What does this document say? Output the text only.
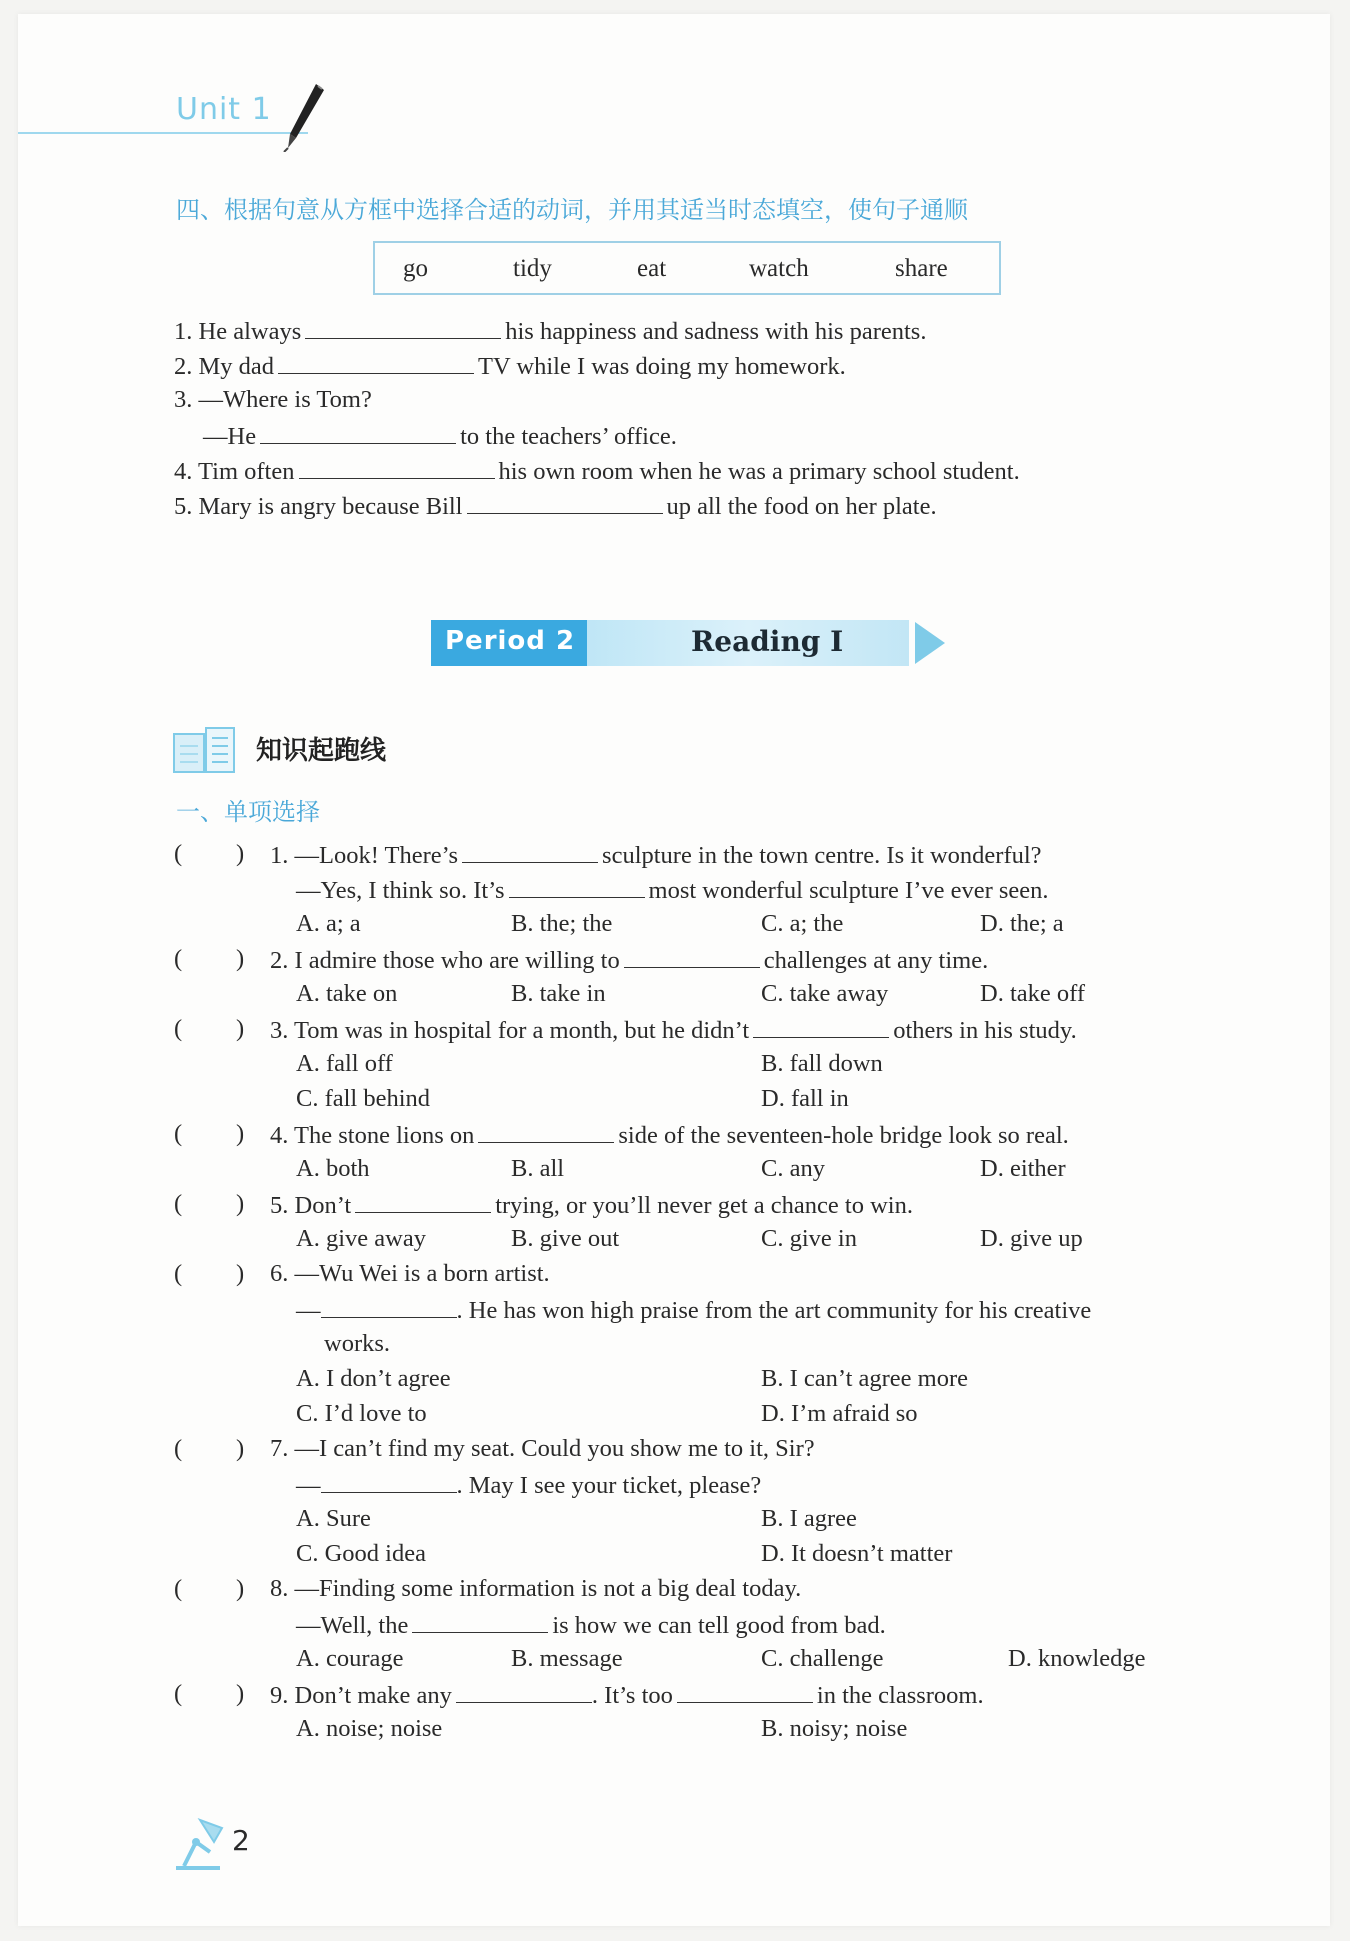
Unit 1
四、根据句意从方框中选择合适的动词，并用其适当时态填空，使句子通顺
go	tidy	eat	watch	share
1. He always	his happiness and sadness with his parents.
2. My dad	TV while I was doing my homework.
3. —Where is Tom?
—He	to the teachers’ office.
4. Tim often	his own room when he was a primary school student.
5. Mary is angry because Bill	up all the food on her plate.
Period 2	Reading I
知识起跑线
一、单项选择
( ) 1. —Look! There’s	sculpture in the town centre. Is it wonderful?
—Yes, I think so. It’s	most wonderful sculpture I’ve ever seen.
A. a; a	B. the; the	C. a; the	D. the; a
( ) 2. I admire those who are willing to	challenges at any time.
A. take on	B. take in	C. take away	D. take off
( ) 3. Tom was in hospital for a month, but he didn’t	others in his study.
A. fall off	B. fall down
C. fall behind	D. fall in
( ) 4. The stone lions on	side of the seventeen-hole bridge look so real.
A. both	B. all	C. any	D. either
( ) 5. Don’t	trying, or you’ll never get a chance to win.
A. give away	B. give out	C. give in	D. give up
( ) 6. —Wu Wei is a born artist.
—	. He has won high praise from the art community for his creative
works.
A. I don’t agree	B. I can’t agree more
C. I’d love to	D. I’m afraid so
( ) 7. —I can’t find my seat. Could you show me to it, Sir?
—	. May I see your ticket, please?
A. Sure	B. I agree
C. Good idea	D. It doesn’t matter
( ) 8. —Finding some information is not a big deal today.
—Well, the	is how we can tell good from bad.
A. courage	B. message	C. challenge	D. knowledge
( ) 9. Don’t make any	. It’s too	in the classroom.
A. noise; noise	B. noisy; noise
2
